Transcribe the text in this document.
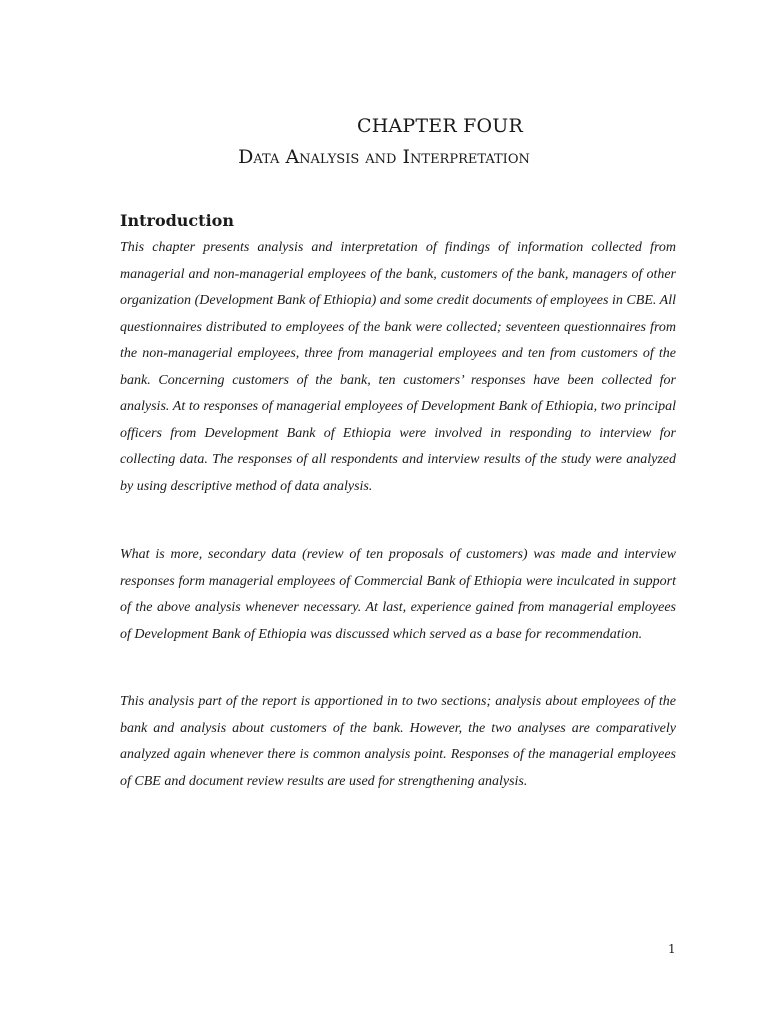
CHAPTER FOUR
Data Analysis and Interpretation
Introduction

This chapter presents analysis and interpretation of findings of information collected from managerial and non-managerial employees of the bank, customers of the bank, managers of other organization (Development Bank of Ethiopia) and some credit documents of employees in CBE. All questionnaires distributed to employees of the bank were collected; seventeen questionnaires from the non-managerial employees, three from managerial employees and ten from customers of the bank. Concerning customers of the bank, ten customers’ responses have been collected for analysis. At to responses of managerial employees of Development Bank of Ethiopia, two principal officers from Development Bank of Ethiopia were involved in responding to interview for collecting data. The responses of all respondents and interview results of the study were analyzed by using descriptive method of data analysis.

What is more, secondary data (review of ten proposals of customers) was made and interview responses form managerial employees of Commercial Bank of Ethiopia were inculcated in support of the above analysis whenever necessary. At last, experience gained from managerial employees of Development Bank of Ethiopia was discussed which served as a base for recommendation.

This analysis part of the report is apportioned in to two sections; analysis about employees of the bank and analysis about customers of the bank. However, the two analyses are comparatively analyzed again whenever there is common analysis point. Responses of the managerial employees of CBE and document review results are used for strengthening analysis.

1
